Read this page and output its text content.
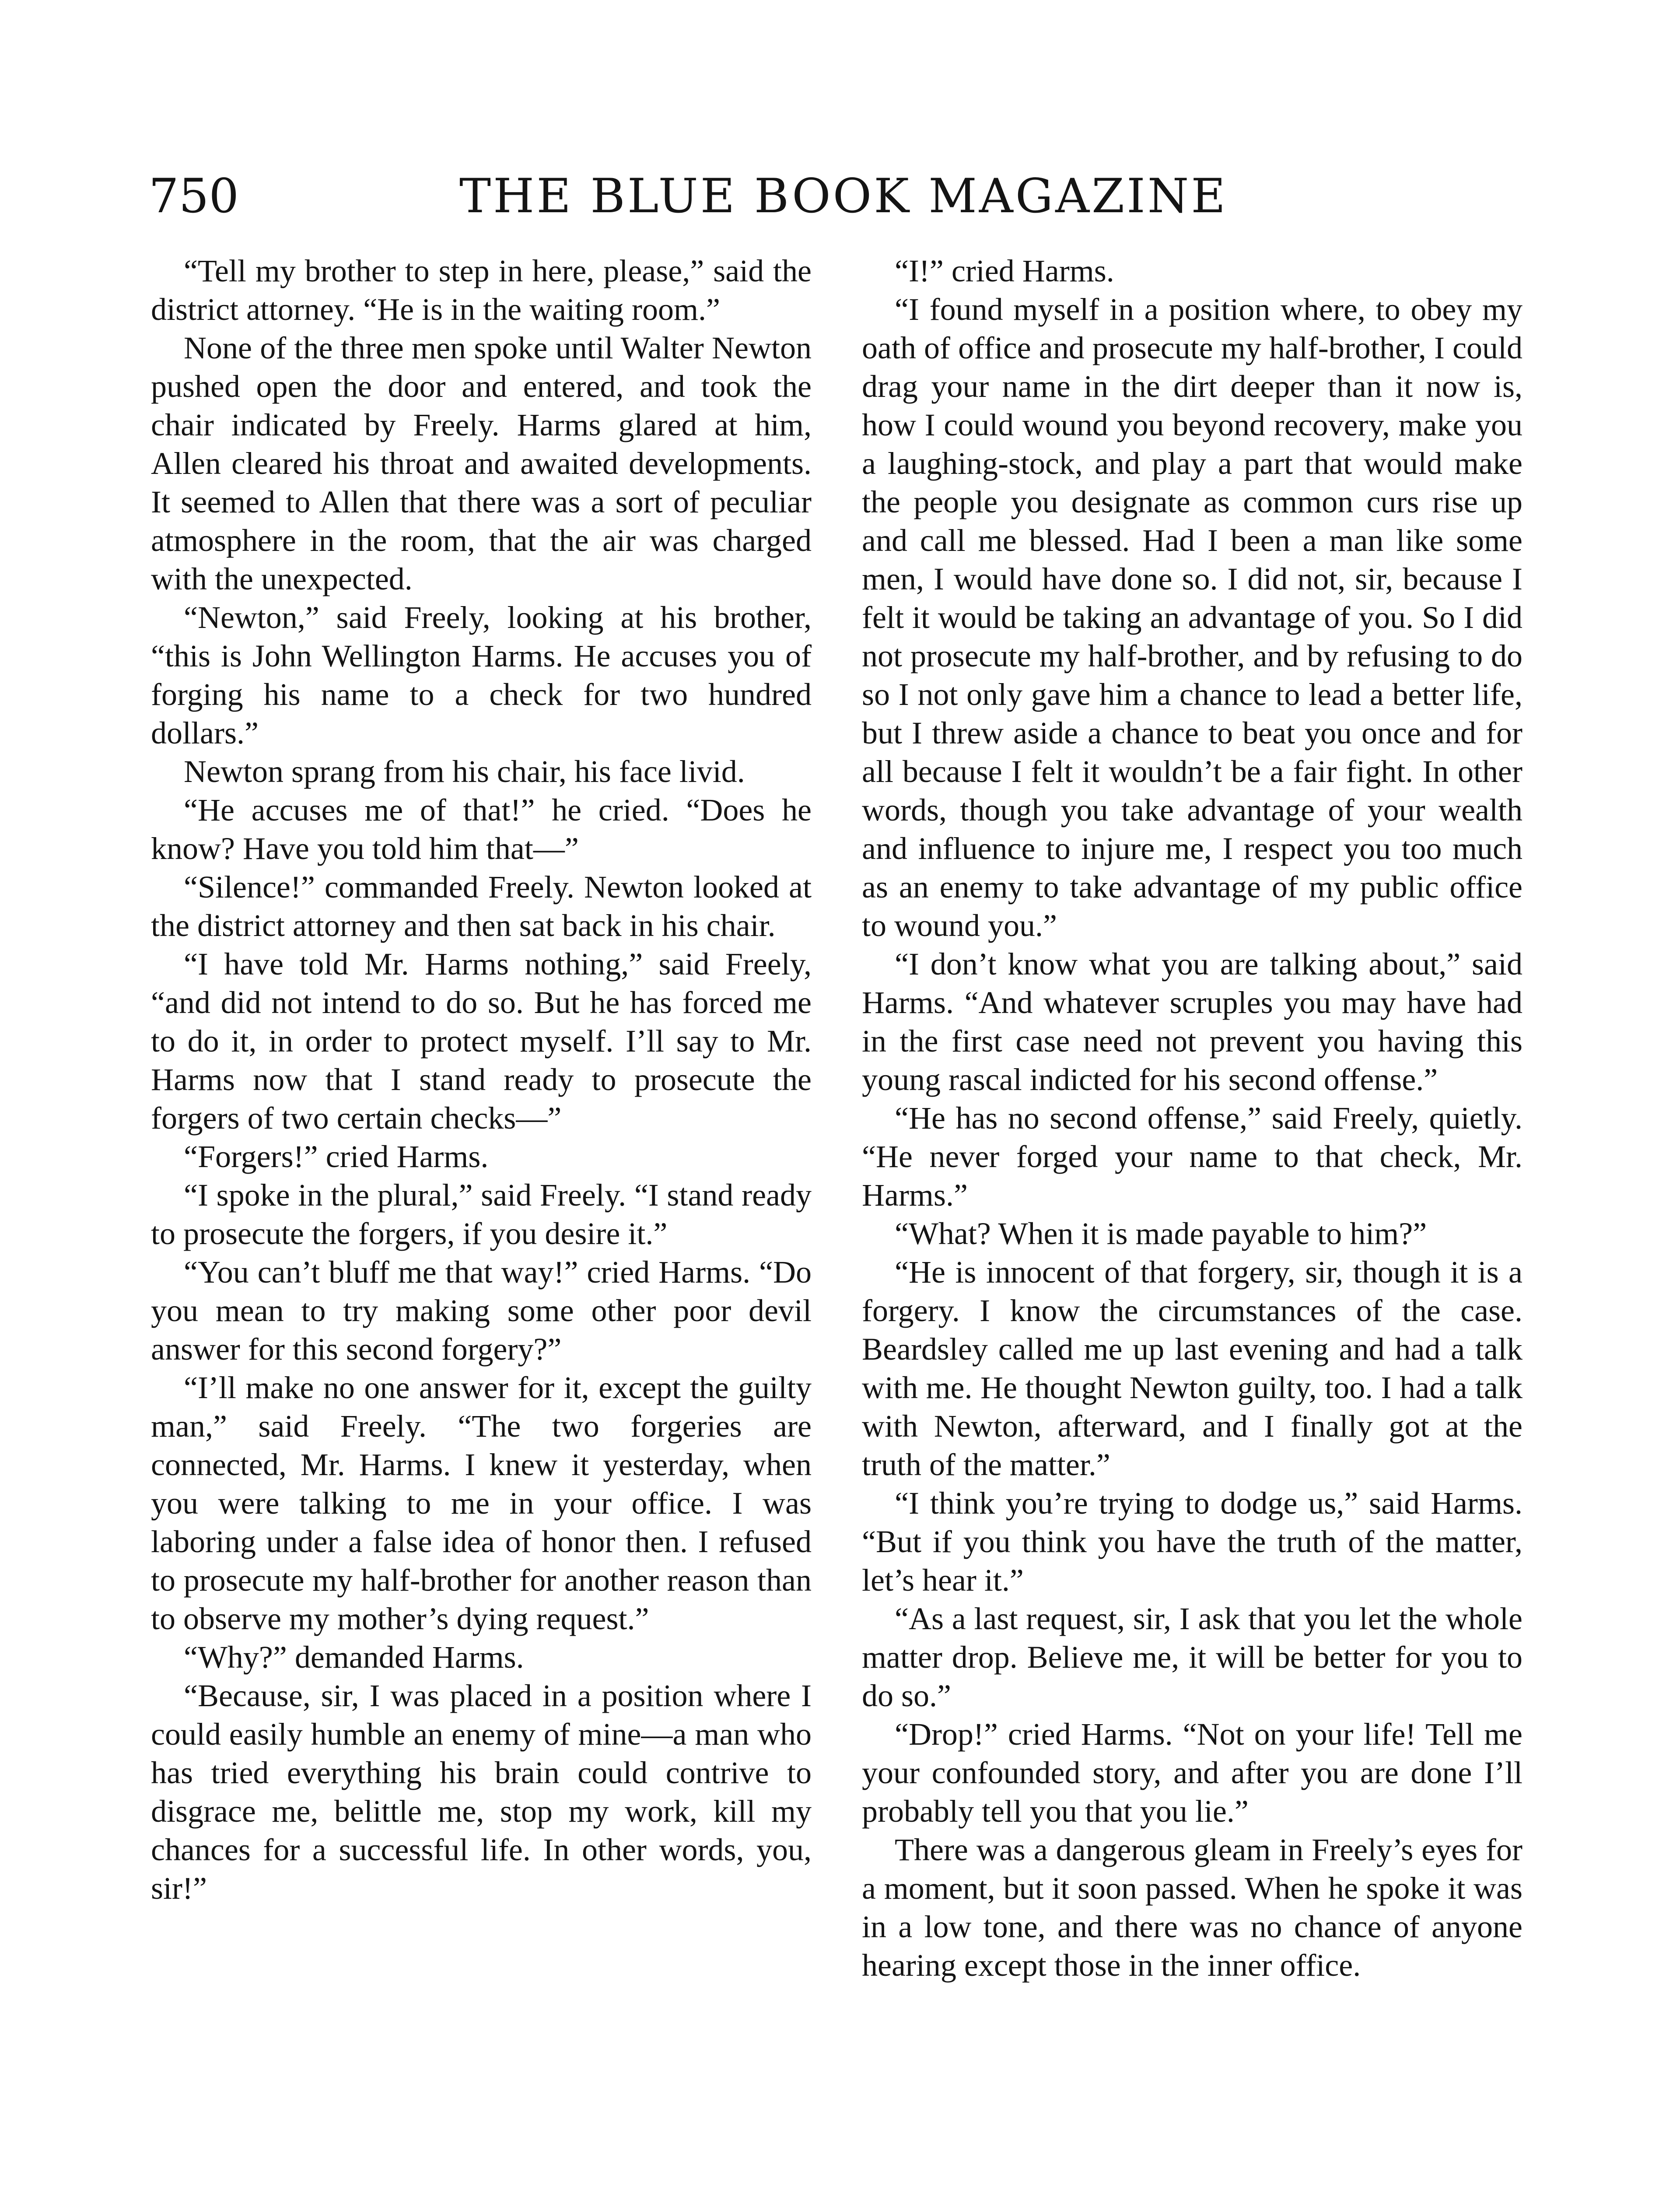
750	THE BLUE BOOK MAGAZINE

“Tell my brother to step in here, please,” said the district attorney. “He is in the waiting room.”

None of the three men spoke until Walter Newton pushed open the door and entered, and took the chair indicated by Freely. Harms glared at him, Allen cleared his throat and awaited developments. It seemed to Allen that there was a sort of peculiar atmosphere in the room, that the air was charged with the unexpected.

“Newton,” said Freely, looking at his brother, “this is John Wellington Harms. He accuses you of forging his name to a check for two hundred dollars.”

Newton sprang from his chair, his face livid.

“He accuses me of that!” he cried. “Does he know? Have you told him that—”

“Silence!” commanded Freely. Newton looked at the district attorney and then sat back in his chair.

“I have told Mr. Harms nothing,” said Freely, “and did not intend to do so. But he has forced me to do it, in order to protect myself. I’ll say to Mr. Harms now that I stand ready to prosecute the forgers of two certain checks—”

“Forgers!” cried Harms.

“I spoke in the plural,” said Freely. “I stand ready to prosecute the forgers, if you desire it.”

“You can’t bluff me that way!” cried Harms. “Do you mean to try making some other poor devil answer for this second forgery?”

“I’ll make no one answer for it, except the guilty man,” said Freely. “The two forgeries are connected, Mr. Harms. I knew it yesterday, when you were talking to me in your office. I was laboring under a false idea of honor then. I refused to prosecute my half-brother for another reason than to observe my mother’s dying request.”

“Why?” demanded Harms.

“Because, sir, I was placed in a position where I could easily humble an enemy of mine—a man who has tried everything his brain could contrive to disgrace me, belittle me, stop my work, kill my chances for a successful life. In other words, you, sir!”

“I!” cried Harms.

“I found myself in a position where, to obey my oath of office and prosecute my half-brother, I could drag your name in the dirt deeper than it now is, how I could wound you beyond recovery, make you a laughing-stock, and play a part that would make the people you designate as common curs rise up and call me blessed. Had I been a man like some men, I would have done so. I did not, sir, because I felt it would be taking an advantage of you. So I did not prosecute my half-brother, and by refusing to do so I not only gave him a chance to lead a better life, but I threw aside a chance to beat you once and for all because I felt it wouldn’t be a fair fight. In other words, though you take advantage of your wealth and influence to injure me, I respect you too much as an enemy to take advantage of my public office to wound you.”

“I don’t know what you are talking about,” said Harms. “And whatever scruples you may have had in the first case need not prevent you having this young rascal indicted for his second offense.”

“He has no second offense,” said Freely, quietly. “He never forged your name to that check, Mr. Harms.”

“What? When it is made payable to him?”

“He is innocent of that forgery, sir, though it is a forgery. I know the circumstances of the case. Beardsley called me up last evening and had a talk with me. He thought Newton guilty, too. I had a talk with Newton, afterward, and I finally got at the truth of the matter.”

“I think you’re trying to dodge us,” said Harms. “But if you think you have the truth of the matter, let’s hear it.”

“As a last request, sir, I ask that you let the whole matter drop. Believe me, it will be better for you to do so.”

“Drop!” cried Harms. “Not on your life! Tell me your confounded story, and after you are done I’ll probably tell you that you lie.”

There was a dangerous gleam in Freely’s eyes for a moment, but it soon passed. When he spoke it was in a low tone, and there was no chance of anyone hearing except those in the inner office.
